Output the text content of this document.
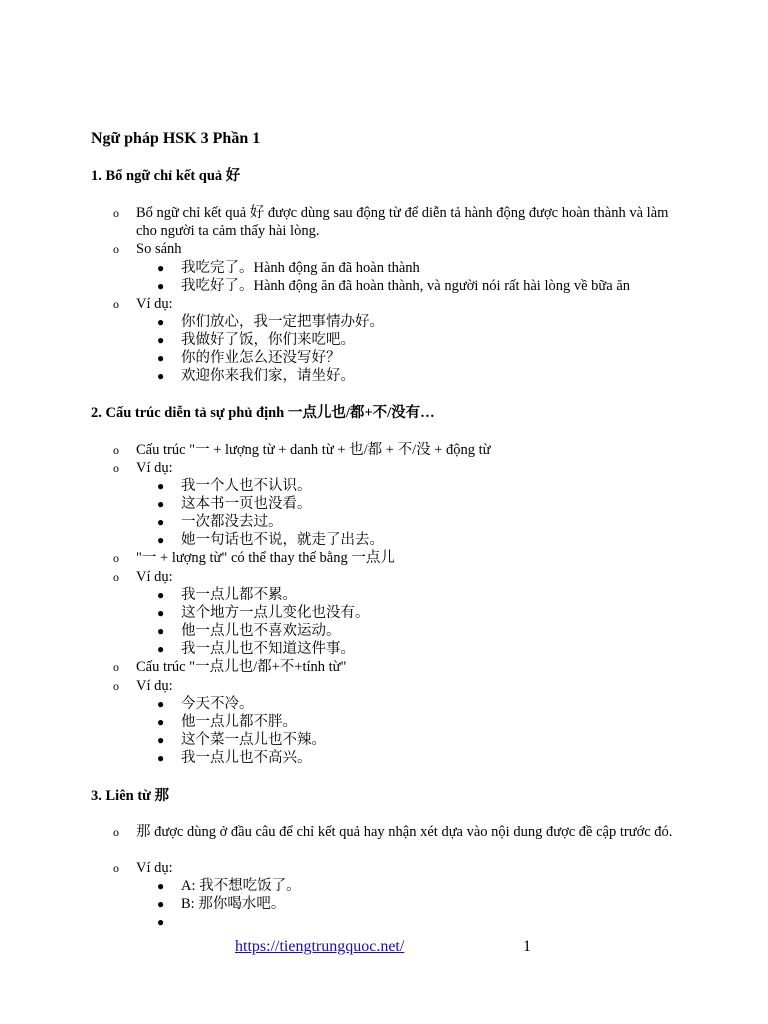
Ngữ pháp HSK 3 Phần 1
1. Bổ ngữ chỉ kết quả 好
o Bổ ngữ chỉ kết quả 好 được dùng sau động từ để diễn tả hành động được hoàn thành và làm cho người ta cảm thấy hài lòng.
o So sánh
● 我吃完了。Hành động ăn đã hoàn thành
● 我吃好了。Hành động ăn đã hoàn thành, và người nói rất hài lòng về bữa ăn
o Ví dụ:
● 你们放心，我一定把事情办好。
● 我做好了饭，你们来吃吧。
● 你的作业怎么还没写好？
● 欢迎你来我们家，请坐好。
2. Cấu trúc diễn tả sự phủ định 一点儿也/都+不/没有…
o Cấu trúc "一 + lượng từ + danh từ + 也/都 + 不/没 + động từ
o Ví dụ:
● 我一个人也不认识。
● 这本书一页也没看。
● 一次都没去过。
● 她一句话也不说，就走了出去。
o "一 + lượng từ" có thể thay thế bằng 一点儿
o Ví dụ:
● 我一点儿都不累。
● 这个地方一点儿变化也没有。
● 他一点儿也不喜欢运动。
● 我一点儿也不知道这件事。
o Cấu trúc "一点儿也/都+不+tính từ"
o Ví dụ:
● 今天不冷。
● 他一点儿都不胖。
● 这个菜一点儿也不辣。
● 我一点儿也不高兴。
3. Liên từ 那
o 那 được dùng ở đầu câu để chỉ kết quả hay nhận xét dựa vào nội dung được đề cập trước đó.
o Ví dụ:
● A: 我不想吃饭了。
● B: 那你喝水吧。
●
https://tiengtrungquoc.net/	1
